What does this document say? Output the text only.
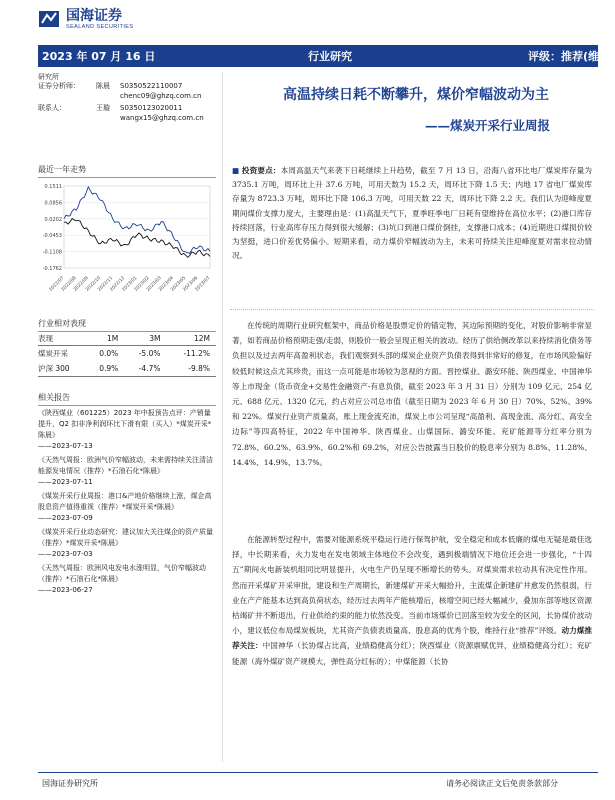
国海证券
SEALAND SECURITIES
2023 年 07 月 16 日	行业研究	评级：推荐(维持)
研究所
证券分析师：	陈晨	S0350522110007
chenc09@ghzq.com.cn
联系人：	王璇	S0350123020011
wangx15@ghzq.com.cn
高温持续日耗不断攀升，煤价窄幅波动为主
——煤炭开采行业周报
最近一年走势
0.1511
0.0856
0.0202
-0.0453
-0.1108
-0.1762
2022/07
2022/08
2022/09
2022/10
2022/11
2022/12
2023/01
2023/02
2023/03
2023/04
2023/05
2023/06
2023/07
行业相对表现
表现	1M	3M	12M
煤炭开采	0.0%	-5.0%	-11.2%
沪深 300	0.9%	-4.7%	-9.8%
相关报告
《陕西煤业（601225）2023 年中报预告点评：产销量提升，Q2 扣非净利润环比下滑有限（买入）*煤炭开采*陈晨》
——2023-07-13
《天然气周报：欧洲气价窄幅波动，未来需持续关注清洁能源发电情况（推荐）*石油石化*陈晨》
——2023-07-11
《煤炭开采行业周报：港口&产地价格继续上涨，煤企高股息资产值得重视（推荐）*煤炭开采*陈晨》
——2023-07-09
《煤炭开采行业动态研究：建议加大关注煤企的资产质量（推荐）*煤炭开采*陈晨》
——2023-07-03
《天然气周报：欧洲风电发电水涨明显，气价窄幅波动（推荐）*石油石化*陈晨》
——2023-06-27
■ 投资要点：本周高温天气来袭下日耗继续上升趋势，截至 7 月 13 日，沿海八省环比电厂煤炭库存量为 3735.1 万吨，周环比上升 37.6 万吨，可用天数为 15.2 天，周环比下降 1.5 天；内地 17 省电厂煤炭库存量为 8723.3 万吨，周环比下降 106.3 万吨，可用天数 22 天，周环比下降 2.2 天。我们认为迎峰度夏期间煤价支撑力度大，主要理由是：(1)高温天气下，夏季旺季电厂日耗有望维持在高位水平；(2)港口库存持续回落，行业高库存压力得到很大缓解；(3)坑口到港口煤价倒挂，支撑港口成本；(4)近期进口煤损价较为坚挺，进口价差优势偏小。短期来看，动力煤价窄幅波动为主，未来可持续关注迎峰度夏对需求拉动情况。
在传统的周期行业研究框架中，商品价格是股票定价的锚定物，其边际预期的变化，对股价影响非常显著，如若商品价格预期走强/走弱，则股价一般会呈现正相关的波动。经历了供给侧改革以来持续消化债务等负担以及过去两年高盈利状态，我们观察到头部的煤炭企业资产负债表得到非常好的修复，在市场风险偏好较低时候这点尤其珍贵，而这一点可能是市场较为忽视的方面。晋控煤业、潞安环能、陕西煤业、中国神华等上市现金（货币资金+交易性金融资产-有息负债，截至 2023 年 3 月 31 日）分别为 109 亿元、254 亿元、688 亿元、1320 亿元，约占对应公司总市值（截至日期为 2023 年 6 月 30 日）70%、52%、39%和 22%。煤炭行业资产质量高，账上现金流充沛，煤炭上市公司呈现“高盈利、高现金流、高分红、高安全边际”等四高特征，2022 年中国神华、陕西煤业、山煤国际、潞安环能、兖矿能源等分红率分别为 72.8%、60.2%、63.9%、60.2%和 69.2%，对应公告披露当日股价的股息率分别为 8.8%、11.28%、14.4%、14.9%、13.7%。
在能源转型过程中，需要对能源系统平稳运行进行保驾护航，安全稳定和成本低廉的煤电无疑是最佳选择，中长期来看，火力发电在发电领域主体地位不会改变，遇到极端情况下地位还会进一步强化，“十四五”期间火电新装机组同比明显提升，火电生产仍呈现不断增长的势头。对煤炭需求拉动具有决定性作用。然而开采煤矿开采审批，建设和生产周期长，新建煤矿开采大幅拾升，主流煤企新建矿井愈发仍然很弱，行业在产产能基本达到高负荷状态，经历过去两年产能核增后，核增空间已经大幅减少，叠加东部等地区资源枯竭矿井不断退出，行业供给约束的能力依然没变。当前市场煤价已回落至较为安全的区间，长协煤价波动小，建议低位布局煤炭板块，尤其资产负债表质量高、股息高的优秀个股，维持行业“推荐”评级。动力煤推荐关注：中国神华（长协煤占比高，业绩稳健高分红）；陕西煤业（资源禀赋优异，业绩稳健高分红）；兖矿能源（海外煤矿资产规模大，弹性高分红标的）；中煤能源（长协
国海证券研究所	请务必阅读正文后免责条款部分
